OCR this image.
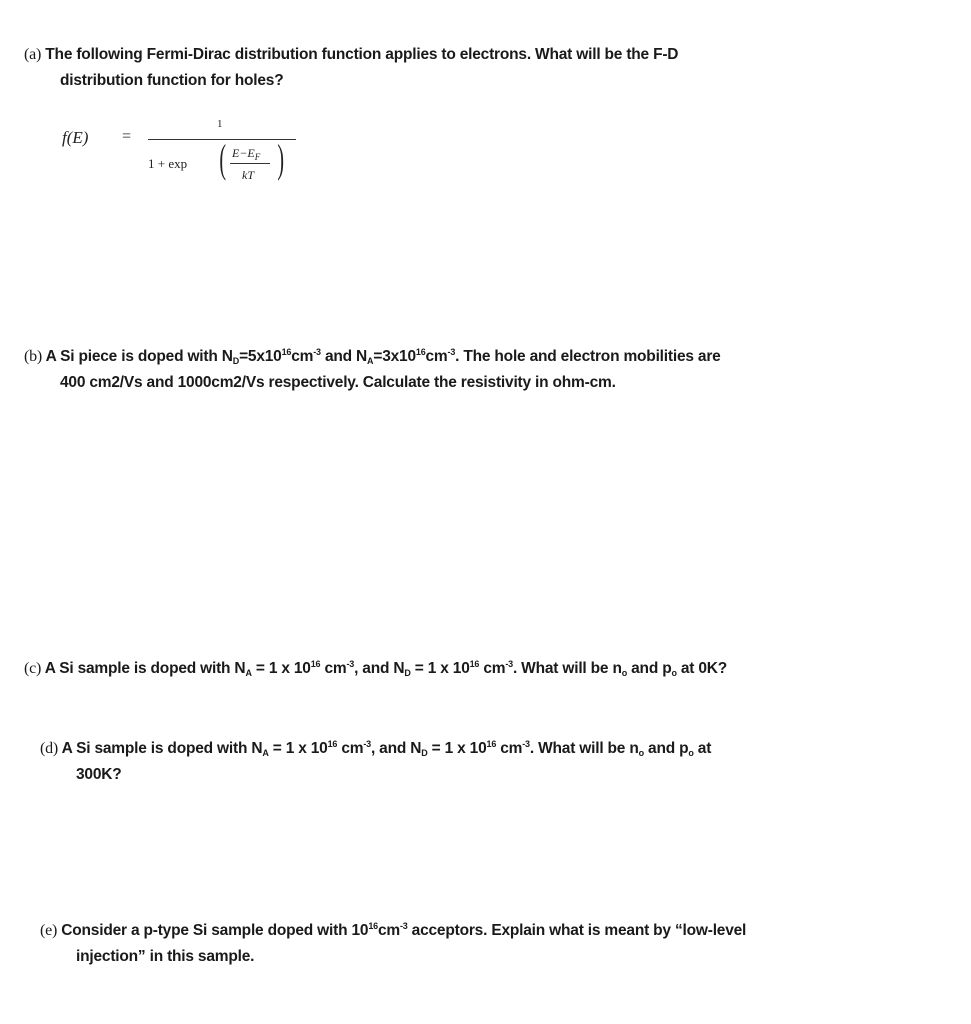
(a) The following Fermi-Dirac distribution function applies to electrons. What will be the F-D
distribution function for holes?
f(E) =
1
1 + exp ( $E-E_F$
kT )
(b) A Si piece is doped with $N_D=5x10^{16}cm^{-3}$ and $N_A=3x10^{16}cm^{-3}$. The hole and electron mobilities are
400 cm2/Vs and 1000cm2/Vs respectively. Calculate the resistivity in ohm-cm.
(c) A Si sample is doped with $N_A = 1$ x $10^{16}$ $cm^{-3}$, and $N_D = 1$ x $10^{16}$ $cm^{-3}$. What will be $n_o$ and $p_o$ at 0K?
(d) A Si sample is doped with $N_A = 1$ x $10^{16}$ $cm^{-3}$, and $N_D = 1$ x $10^{16}$ $cm^{-3}$. What will be $n_o$ and $p_o$ at
300K?
(e) Consider a p-type Si sample doped with $10^{16}cm^{-3}$ acceptors. Explain what is meant by “low-level
injection” in this sample.
